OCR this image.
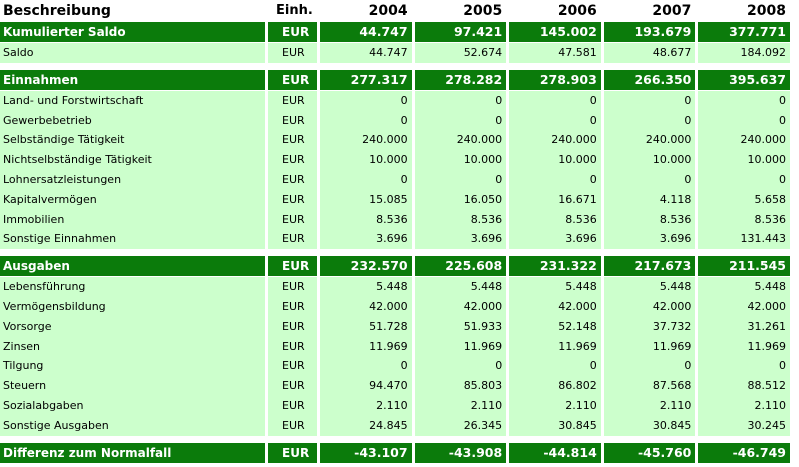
Beschreibung	Einh.	2004	2005	2006	2007	2008
Kumulierter Saldo	EUR	44.747	97.421	145.002	193.679	377.771
Saldo	EUR	44.747	52.674	47.581	48.677	184.092

Einnahmen	EUR	277.317	278.282	278.903	266.350	395.637
Land- und Forstwirtschaft	EUR	0	0	0	0	0
Gewerbebetrieb	EUR	0	0	0	0	0
Selbständige Tätigkeit	EUR	240.000	240.000	240.000	240.000	240.000
Nichtselbständige Tätigkeit	EUR	10.000	10.000	10.000	10.000	10.000
Lohnersatzleistungen	EUR	0	0	0	0	0
Kapitalvermögen	EUR	15.085	16.050	16.671	4.118	5.658
Immobilien	EUR	8.536	8.536	8.536	8.536	8.536
Sonstige Einnahmen	EUR	3.696	3.696	3.696	3.696	131.443

Ausgaben	EUR	232.570	225.608	231.322	217.673	211.545
Lebensführung	EUR	5.448	5.448	5.448	5.448	5.448
Vermögensbildung	EUR	42.000	42.000	42.000	42.000	42.000
Vorsorge	EUR	51.728	51.933	52.148	37.732	31.261
Zinsen	EUR	11.969	11.969	11.969	11.969	11.969
Tilgung	EUR	0	0	0	0	0
Steuern	EUR	94.470	85.803	86.802	87.568	88.512
Sozialabgaben	EUR	2.110	2.110	2.110	2.110	2.110
Sonstige Ausgaben	EUR	24.845	26.345	30.845	30.845	30.245

Differenz zum Normalfall	EUR	-43.107	-43.908	-44.814	-45.760	-46.749
